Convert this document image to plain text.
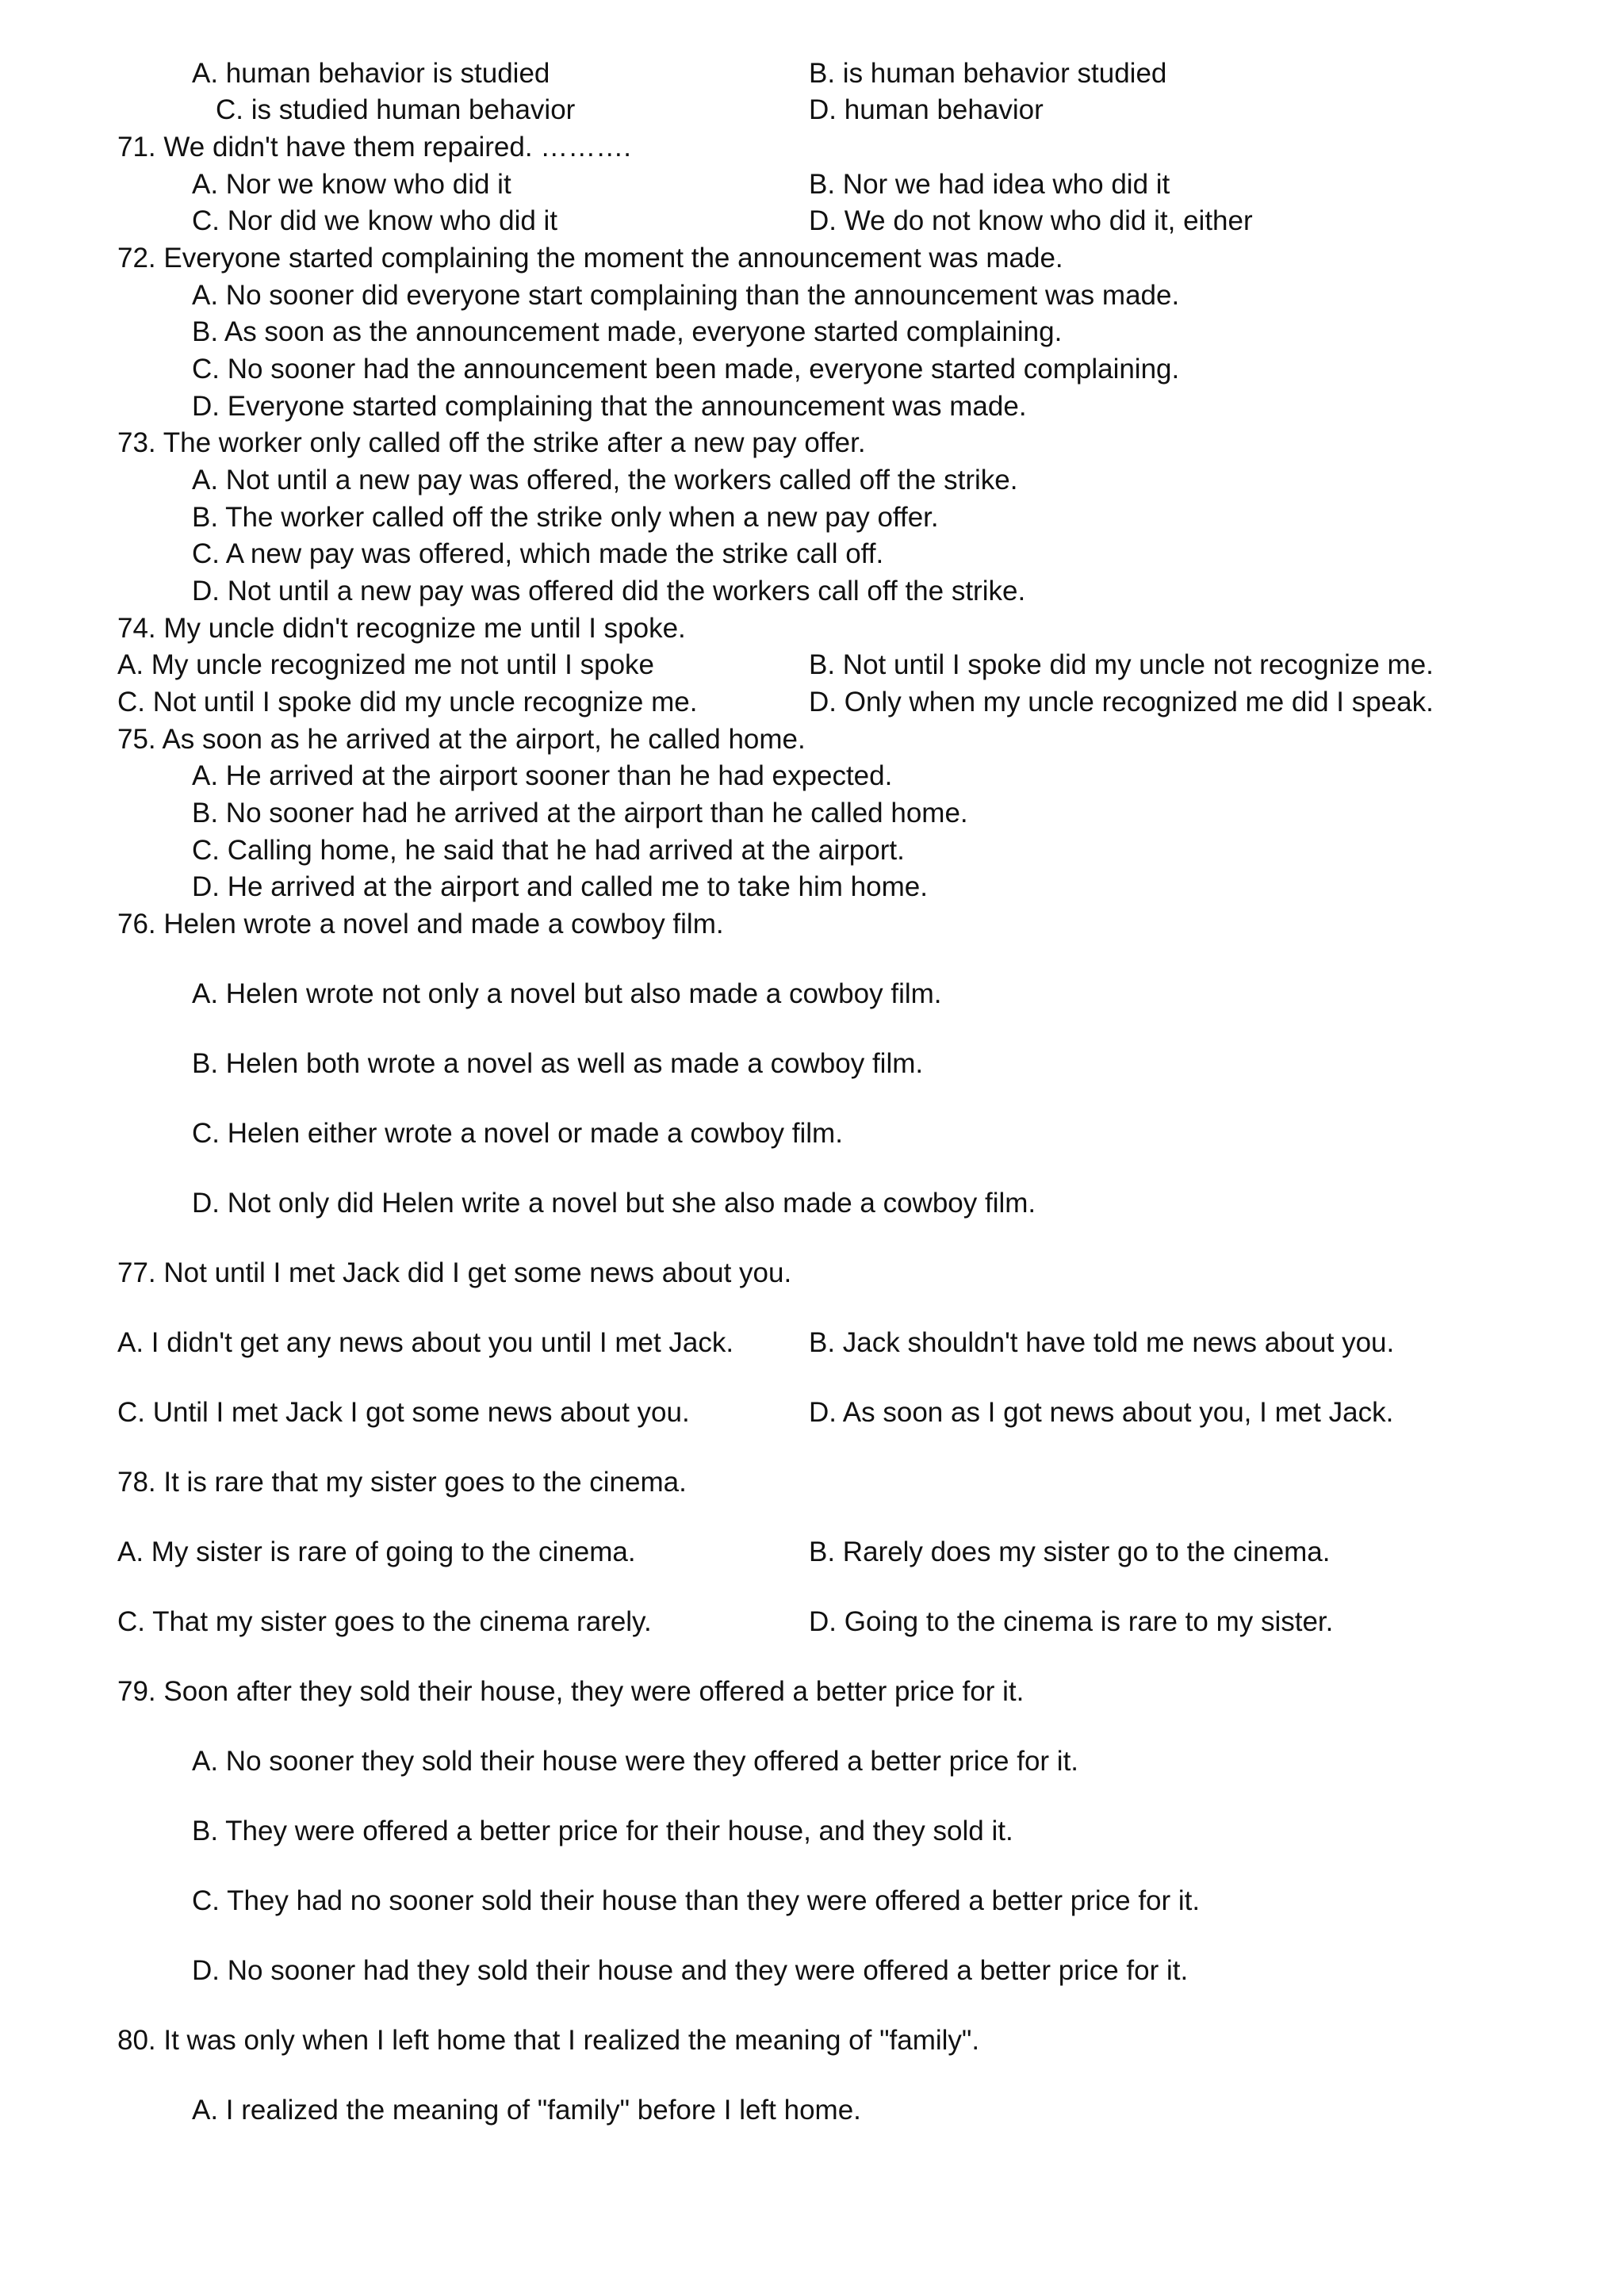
A. human behavior is studied	B. is human behavior studied
C. is studied human behavior	D. human behavior
71. We didn't have them repaired. ……….
A. Nor we know who did it	B. Nor we had idea who did it
C. Nor did we know who did it	D. We do not know who did it, either
72. Everyone started complaining the moment the announcement was made.
A. No sooner did everyone start complaining than the announcement was made.
B. As soon as the announcement made, everyone started complaining.
C. No sooner had the announcement been made, everyone started complaining.
D. Everyone started complaining that the announcement was made.
73. The worker only called off the strike after a new pay offer.
A. Not until a new pay was offered, the workers called off the strike.
B. The worker called off the strike only when a new pay offer.
C. A new pay was offered, which made the strike call off.
D. Not until a new pay was offered did the workers call off the strike.
74. My uncle didn't recognize me until I spoke.
A. My uncle recognized me not until I spoke	B. Not until I spoke did my uncle not recognize me.
C. Not until I spoke did my uncle recognize me.	D. Only when my uncle recognized me did I speak.
75. As soon as he arrived at the airport, he called home.
A. He arrived at the airport sooner than he had expected.
B. No sooner had he arrived at the airport than he called home.
C. Calling home, he said that he had arrived at the airport.
D. He arrived at the airport and called me to take him home.
76. Helen wrote a novel and made a cowboy film.
A. Helen wrote not only a novel but also made a cowboy film.
B. Helen both wrote a novel as well as made a cowboy film.
C. Helen either wrote a novel or made a cowboy film.
D. Not only did Helen write a novel but she also made a cowboy film.
77. Not until I met Jack did I get some news about you.
A. I didn't get any news about you until I met Jack.	B. Jack shouldn't have told me news about you.
C. Until I met Jack I got some news about you.	D. As soon as I got news about you, I met Jack.
78. It is rare that my sister goes to the cinema.
A. My sister is rare of going to the cinema.	B. Rarely does my sister go to the cinema.
C. That my sister goes to the cinema rarely.	D. Going to the cinema is rare to my sister.
79. Soon after they sold their house, they were offered a better price for it.
A. No sooner they sold their house were they offered a better price for it.
B. They were offered a better price for their house, and they sold it.
C. They had no sooner sold their house than they were offered a better price for it.
D. No sooner had they sold their house and they were offered a better price for it.
80. It was only when I left home that I realized the meaning of "family".
A. I realized the meaning of "family" before I left home.
